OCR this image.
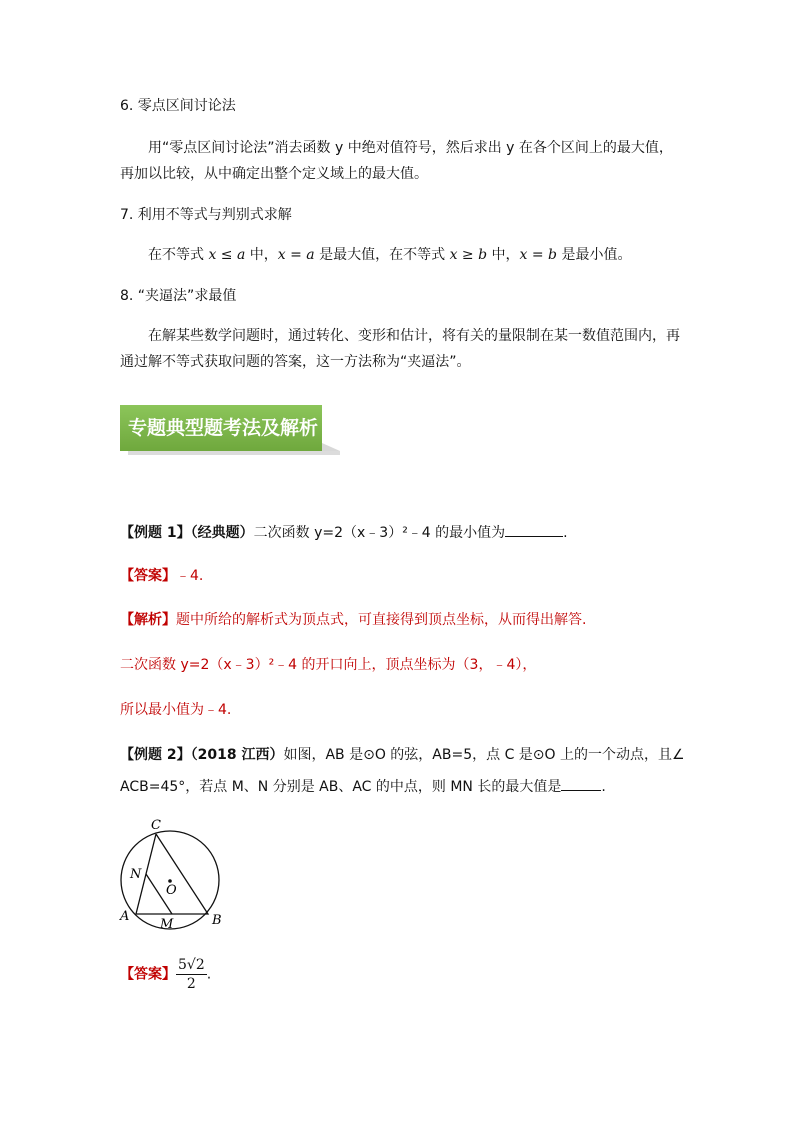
6. 零点区间讨论法
用“零点区间讨论法”消去函数 y 中绝对值符号，然后求出 y 在各个区间上的最大值，
再加以比较，从中确定出整个定义域上的最大值。
7. 利用不等式与判别式求解
在不等式 x ≤ a 中，x = a 是最大值，在不等式 x ≥ b 中，x = b 是最小值。
8. “夹逼法”求最值
在解某些数学问题时，通过转化、变形和估计，将有关的量限制在某一数值范围内，再
通过解不等式获取问题的答案，这一方法称为“夹逼法”。
专题典型题考法及解析
【例题 1】（经典题）二次函数 y=2（x﹣3）²﹣4 的最小值为	.
【答案】﹣4.
【解析】题中所给的解析式为顶点式，可直接得到顶点坐标，从而得出解答.
二次函数 y=2（x﹣3）²﹣4 的开口向上，顶点坐标为（3，﹣4），
所以最小值为﹣4.
【例题 2】（2018 江西）如图，AB 是⊙O 的弦，AB=5，点 C 是⊙O 上的一个动点，且∠
ACB=45°，若点 M、N 分别是 AB、AC 的中点，则 MN 长的最大值是	.
C
N
O
A
M	B
【答案】 $\frac{5√2}{2}$ .
